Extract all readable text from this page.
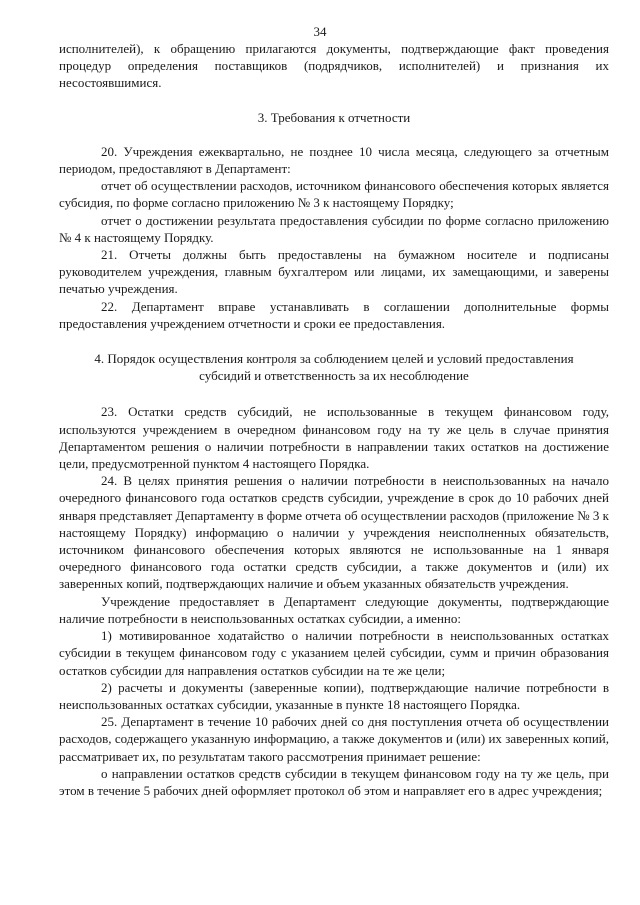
34

исполнителей), к обращению прилагаются документы, подтверждающие факт проведения процедур определения поставщиков (подрядчиков, исполнителей) и признания их несостоявшимися.

3. Требования к отчетности

20. Учреждения ежеквартально, не позднее 10 числа месяца, следующего за отчетным периодом, предоставляют в Департамент:

отчет об осуществлении расходов, источником финансового обеспечения которых является субсидия, по форме согласно приложению № 3 к настоящему Порядку;

отчет о достижении результата предоставления субсидии по форме согласно приложению № 4 к настоящему Порядку.

21. Отчеты должны быть предоставлены на бумажном носителе и подписаны руководителем учреждения, главным бухгалтером или лицами, их замещающими, и заверены печатью учреждения.

22. Департамент вправе устанавливать в соглашении дополнительные формы предоставления учреждением отчетности и сроки ее предоставления.

4. Порядок осуществления контроля за соблюдением целей и условий предоставления

субсидий и ответственность за их несоблюдение

23. Остатки средств субсидий, не использованные в текущем финансовом году, используются учреждением в очередном финансовом году на ту же цель в случае принятия Департаментом решения о наличии потребности в направлении таких остатков на достижение цели, предусмотренной пунктом 4 настоящего Порядка.

24. В целях принятия решения о наличии потребности в неиспользованных на начало очередного финансового года остатков средств субсидии, учреждение в срок до 10 рабочих дней января представляет Департаменту в форме отчета об осуществлении расходов (приложение № 3 к настоящему Порядку) информацию о наличии у учреждения неисполненных обязательств, источником финансового обеспечения которых являются не использованные на 1 января очередного финансового года остатки средств субсидии, а также документов и (или) их заверенных копий, подтверждающих наличие и объем указанных обязательств учреждения.

Учреждение предоставляет в Департамент следующие документы, подтверждающие наличие потребности в неиспользованных остатках субсидии, а именно:

1) мотивированное ходатайство о наличии потребности в неиспользованных остатках субсидии в текущем финансовом году с указанием целей субсидии, сумм и причин образования остатков субсидии для направления остатков субсидии на те же цели;

2) расчеты и документы (заверенные копии), подтверждающие наличие потребности в неиспользованных остатках субсидии, указанные в пункте 18 настоящего Порядка.

25. Департамент в течение 10 рабочих дней со дня поступления отчета об осуществлении расходов, содержащего указанную информацию, а также документов и (или) их заверенных копий, рассматривает их, по результатам такого рассмотрения принимает решение:

о направлении остатков средств субсидии в текущем финансовом году на ту же цель, при этом в течение 5 рабочих дней оформляет протокол об этом и направляет его в адрес учреждения;
